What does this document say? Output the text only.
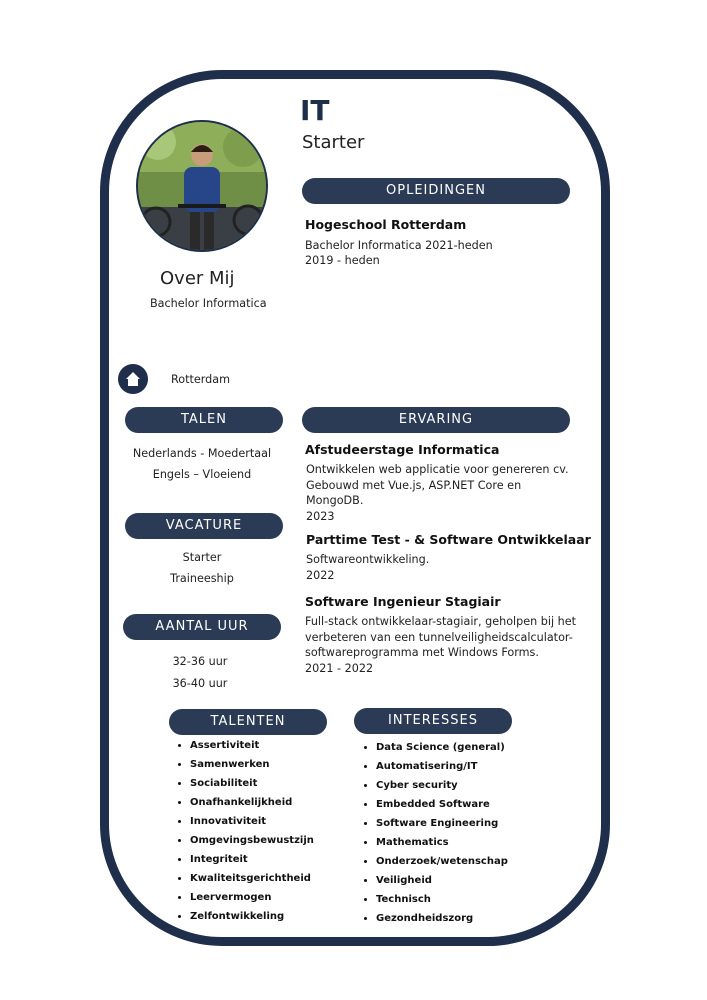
IT
Starter
Over Mij
Bachelor Informatica
Rotterdam
OPLEIDINGEN
Hogeschool Rotterdam
Bachelor Informatica 2021-heden
2019 - heden
TALEN
Nederlands - Moedertaal
Engels – Vloeiend
VACATURE
Starter
Traineeship
AANTAL UUR
32-36 uur
36-40 uur
ERVARING
Afstudeerstage Informatica
Ontwikkelen web applicatie voor genereren cv.
Gebouwd met Vue.js, ASP.NET Core en
MongoDB.
2023
Parttime Test - & Software Ontwikkelaar
Softwareontwikkeling.
2022
Software Ingenieur Stagiair
Full-stack ontwikkelaar-stagiair, geholpen bij het
verbeteren van een tunnelveiligheidscalculator-
softwareprogramma met Windows Forms.
2021 - 2022
TALENTEN
• Assertiviteit
• Samenwerken
• Sociabiliteit
• Onafhankelijkheid
• Innovativiteit
• Omgevingsbewustzijn
• Integriteit
• Kwaliteitsgerichtheid
• Leervermogen
• Zelfontwikkeling
INTERESSES
• Data Science (general)
• Automatisering/IT
• Cyber security
• Embedded Software
• Software Engineering
• Mathematics
• Onderzoek/wetenschap
• Veiligheid
• Technisch
• Gezondheidszorg
